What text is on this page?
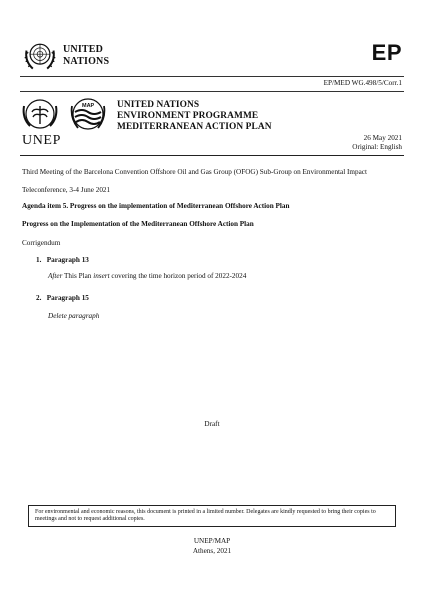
UNITED
NATIONS	EP
EP/MED WG.498/5/Corr.1
UNEP
MAP UNITED NATIONS
ENVIRONMENT PROGRAMME
MEDITERRANEAN ACTION PLAN
26 May 2021
Original: English
Third Meeting of the Barcelona Convention Offshore Oil and Gas Group (OFOG) Sub-Group on Environmental Impact
Teleconference, 3-4 June 2021
Agenda item 5. Progress on the implementation of Mediterranean Offshore Action Plan
Progress on the Implementation of the Mediterranean Offshore Action Plan
Corrigendum
1.   Paragraph 13
After This Plan insert covering the time horizon period of 2022-2024
2.   Paragraph 15
Delete paragraph
Draft
For environmental and economic reasons, this document is printed in a limited number. Delegates are kindly requested to bring their copies to meetings and not to request additional copies.
UNEP/MAP
Athens, 2021
